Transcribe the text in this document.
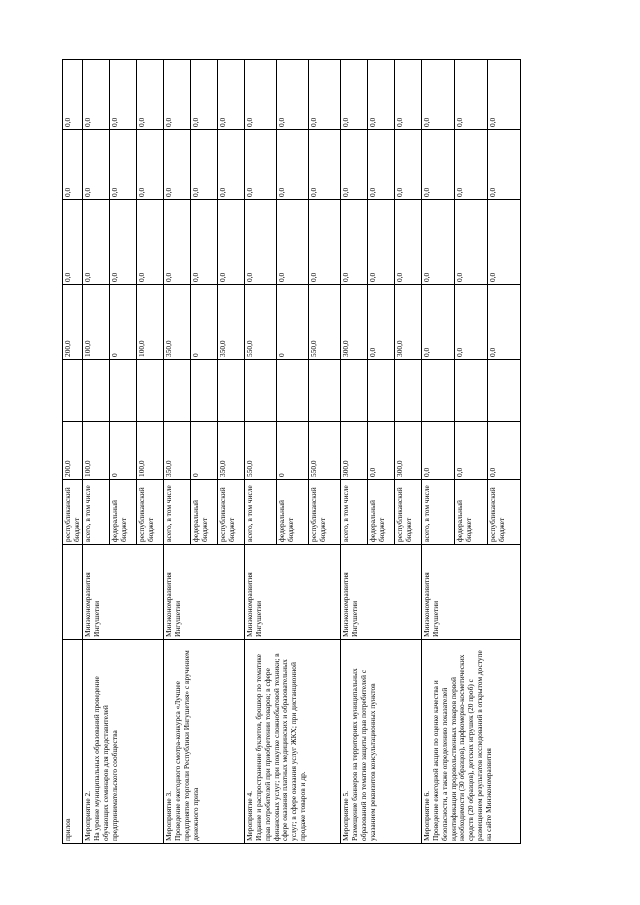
прилов		республиканский бюджет	200,0		200,0	0,0	0,0	0,0

Мероприятие 2. На уровне муниципальных образований проведение обучающих семинаров для представителей предпринимательского сообщества	Минэкономразвития Ингушетии	всего, в том числе	100,0		100,0	0,0	0,0	0,0
		федеральный бюджет	0		0	0,0	0,0	0,0
		республиканский бюджет	100,0		100,0	0,0	0,0	0,0

Мероприятие 3. Проведение ежегодного смотра-конкурса «Лучшее предприятие торговли Республики Ингушетия» с вручением денежного приза	Минэкономразвития Ингушетии	всего, в том числе	350,0		350,0	0,0	0,0	0,0
		федеральный бюджет	0		0	0,0	0,0	0,0
		республиканский бюджет	350,0		350,0	0,0	0,0	0,0

Мероприятие 4. Издание и распространение буклетов, брошюр по тематике прав потребителей при приобретении товаров; в сфере финансовых услуг; при покупке сложнобытовой техники; в сфере оказания платных медицинских и образовательных услуг; в сфере оказания услуг ЖКХ; при дистанционной продаже товаров и др.	Минэкономразвития Ингушетии	всего, в том числе	550,0		550,0	0,0	0,0	0,0
		федеральный бюджет	0		0	0,0	0,0	0,0
		республиканский бюджет	550,0		550,0	0,0	0,0	0,0

Мероприятие 5. Размещение баннеров на территориях муниципальных образований по тематике защиты прав потребителей с указанием реквизитов консультационных пунктов	Минэкономразвития Ингушетии	всего, в том числе	300,0		300,0	0,0	0,0	0,0
		федеральный бюджет	0,0		0,0	0,0	0,0	0,0
		республиканский бюджет	300,0		300,0	0,0	0,0	0,0

Мероприятие 6. Проведение ежегодной акции по оценке качества и безопасности, а также определению показателей идентификации продовольственных товаров первой необходимости (30 образцов), парфюмерно-косметических средств (20 образцов), детских игрушек (20 проб) с размещением результатов исследований в открытом доступе на сайте Минэкономразвития	Минэкономразвития Ингушетии	всего, в том числе	0,0		0,0	0,0	0,0	0,0
		федеральный бюджет	0,0		0,0	0,0	0,0	0,0
		республиканский бюджет	0,0		0,0	0,0	0,0	0,0
